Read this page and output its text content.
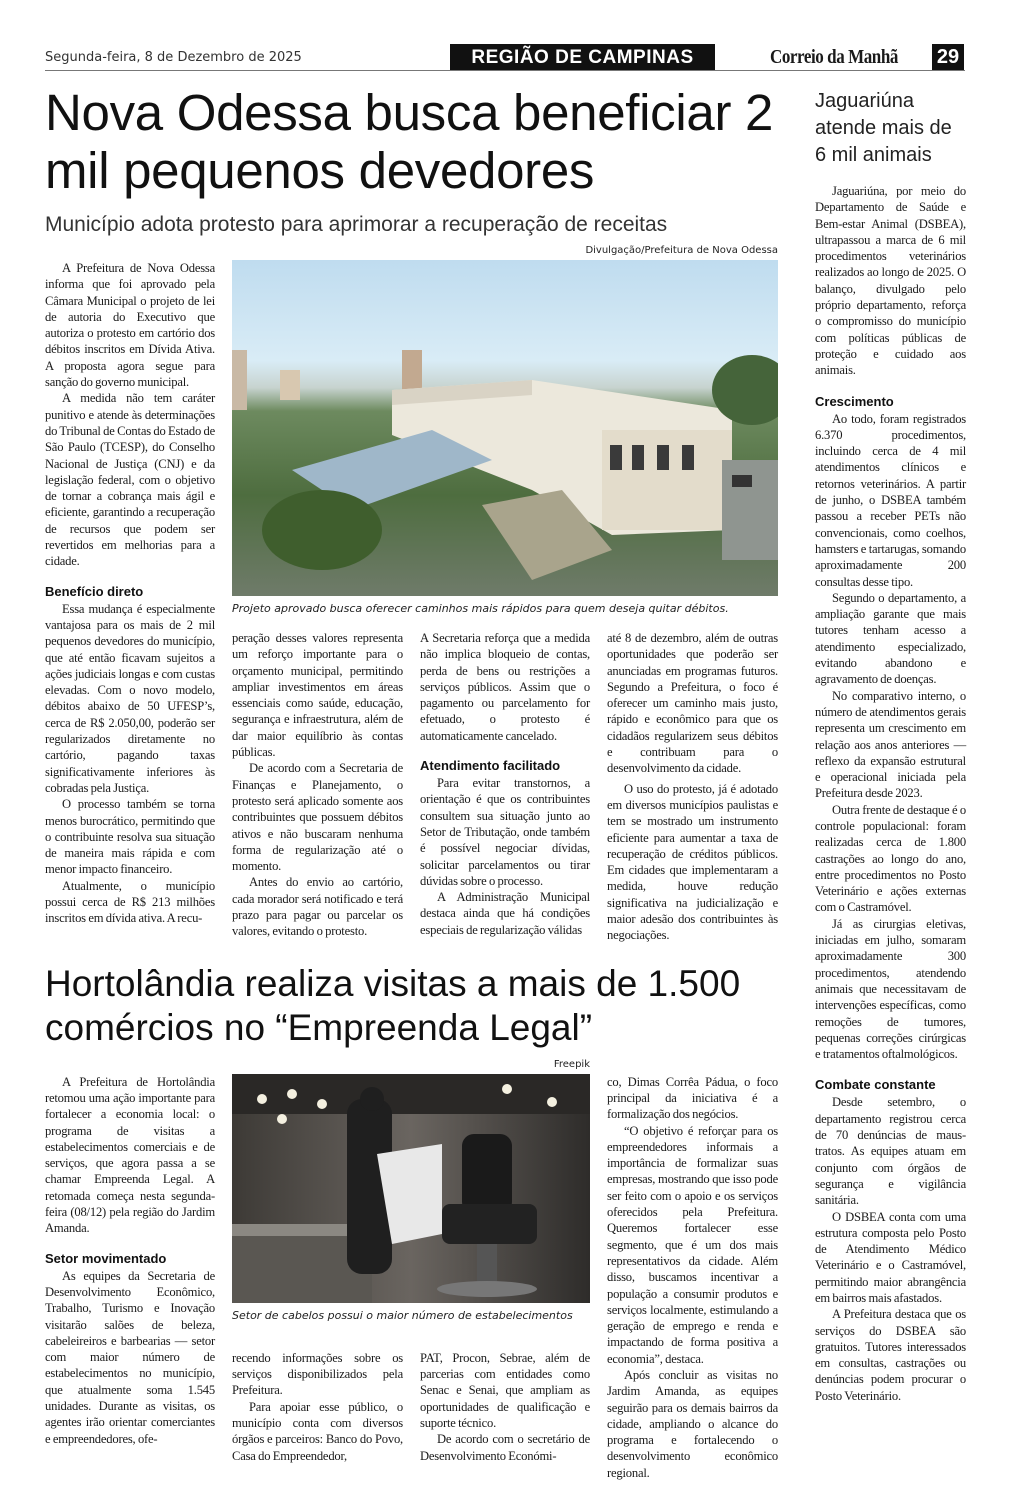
Segunda-feira, 8 de Dezembro de 2025	REGIÃO DE CAMPINAS	Correio da Manhã 29
Nova Odessa busca beneficiar 2 mil pequenos devedores
Município adota protesto para aprimorar a recuperação de receitas

A Prefeitura de Nova Odessa informa que foi aprovado pela Câmara Municipal o projeto de lei de autoria do Executivo que autoriza o protesto em cartório dos débitos inscritos em Dívida Ativa. A proposta agora segue para sanção do governo municipal.

A medida não tem caráter punitivo e atende às determinações do Tribunal de Contas do Estado de São Paulo (TCESP), do Conselho Nacional de Justiça (CNJ) e da legislação federal, com o objetivo de tornar a cobrança mais ágil e eficiente, garantindo a recuperação de recursos que podem ser revertidos em melhorias para a cidade.

Benefício direto

Essa mudança é especialmente vantajosa para os mais de 2 mil pequenos devedores do município, que até então ficavam sujeitos a ações judiciais longas e com custas elevadas. Com o novo modelo, débitos abaixo de 50 UFESP’s, cerca de R$ 2.050,00, poderão ser regularizados diretamente no cartório, pagando taxas significativamente inferiores às cobradas pela Justiça.

O processo também se torna menos burocrático, permitindo que o contribuinte resolva sua situação de maneira mais rápida e com menor impacto financeiro.

Atualmente, o município possui cerca de R$ 213 milhões inscritos em dívida ativa. A recu-

Divulgação/Prefeitura de Nova Odessa
Projeto aprovado busca oferecer caminhos mais rápidos para quem deseja quitar débitos.

peração desses valores representa um reforço importante para o orçamento municipal, permitindo ampliar investimentos em áreas essenciais como saúde, educação, segurança e infraestrutura, além de dar maior equilíbrio às contas públicas.

De acordo com a Secretaria de Finanças e Planejamento, o protesto será aplicado somente aos contribuintes que possuem débitos ativos e não buscaram nenhuma forma de regularização até o momento.

Antes do envio ao cartório, cada morador será notificado e terá prazo para pagar ou parcelar os valores, evitando o protesto.

A Secretaria reforça que a medida não implica bloqueio de contas, perda de bens ou restrições a serviços públicos. Assim que o pagamento ou parcelamento for efetuado, o protesto é automaticamente cancelado.

Atendimento facilitado

Para evitar transtornos, a orientação é que os contribuintes consultem sua situação junto ao Setor de Tributação, onde também é possível negociar dívidas, solicitar parcelamentos ou tirar dúvidas sobre o processo.

A Administração Municipal destaca ainda que há condições especiais de regularização válidas

até 8 de dezembro, além de outras oportunidades que poderão ser anunciadas em programas futuros. Segundo a Prefeitura, o foco é oferecer um caminho mais justo, rápido e econômico para que os cidadãos regularizem seus débitos e contribuam para o desenvolvimento da cidade.

O uso do protesto, já é adotado em diversos municípios paulistas e tem se mostrado um instrumento eficiente para aumentar a taxa de recuperação de créditos públicos. Em cidades que implementaram a medida, houve redução significativa na judicialização e maior adesão dos contribuintes às negociações.

Hortolândia realiza visitas a mais de 1.500 comércios no “Empreenda Legal”

A Prefeitura de Hortolândia retomou uma ação importante para fortalecer a economia local: o programa de visitas a estabelecimentos comerciais e de serviços, que agora passa a se chamar Empreenda Legal. A retomada começa nesta segunda-feira (08/12) pela região do Jardim Amanda.

Setor movimentado

As equipes da Secretaria de Desenvolvimento Econômico, Trabalho, Turismo e Inovação visitarão salões de beleza, cabeleireiros e barbearias — setor com maior número de estabelecimentos no município, que atualmente soma 1.545 unidades. Durante as visitas, os agentes irão orientar comerciantes e empreendedores, ofe-

Freepik
Setor de cabelos possui o maior número de estabelecimentos

recendo informações sobre os serviços disponibilizados pela Prefeitura.

Para apoiar esse público, o município conta com diversos órgãos e parceiros: Banco do Povo, Casa do Empreendedor,

PAT, Procon, Sebrae, além de parcerias com entidades como Senac e Senai, que ampliam as oportunidades de qualificação e suporte técnico.

De acordo com o secretário de Desenvolvimento Económi-

co, Dimas Corrêa Pádua, o foco principal da iniciativa é a formalização dos negócios.

“O objetivo é reforçar para os empreendedores informais a importância de formalizar suas empresas, mostrando que isso pode ser feito com o apoio e os serviços oferecidos pela Prefeitura. Queremos fortalecer esse segmento, que é um dos mais representativos da cidade. Além disso, buscamos incentivar a população a consumir produtos e serviços localmente, estimulando a geração de emprego e renda e impactando de forma positiva a economia”, destaca.

Após concluir as visitas no Jardim Amanda, as equipes seguirão para os demais bairros da cidade, ampliando o alcance do programa e fortalecendo o desenvolvimento econômico regional.

Jaguariúna atende mais de 6 mil animais

Jaguariúna, por meio do Departamento de Saúde e Bem-estar Animal (DSBEA), ultrapassou a marca de 6 mil procedimentos veterinários realizados ao longo de 2025. O balanço, divulgado pelo próprio departamento, reforça o compromisso do município com políticas públicas de proteção e cuidado aos animais.

Crescimento

Ao todo, foram registrados 6.370 procedimentos, incluindo cerca de 4 mil atendimentos clínicos e retornos veterinários. A partir de junho, o DSBEA também passou a receber PETs não convencionais, como coelhos, hamsters e tartarugas, somando aproximadamente 200 consultas desse tipo.

Segundo o departamento, a ampliação garante que mais tutores tenham acesso a atendimento especializado, evitando abandono e agravamento de doenças.

No comparativo interno, o número de atendimentos gerais representa um crescimento em relação aos anos anteriores — reflexo da expansão estrutural e operacional iniciada pela Prefeitura desde 2023.

Outra frente de destaque é o controle populacional: foram realizadas cerca de 1.800 castrações ao longo do ano, entre procedimentos no Posto Veterinário e ações externas com o Castramóvel.

Já as cirurgias eletivas, iniciadas em julho, somaram aproximadamente 300 procedimentos, atendendo animais que necessitavam de intervenções específicas, como remoções de tumores, pequenas correções cirúrgicas e tratamentos oftalmológicos.

Combate constante

Desde setembro, o departamento registrou cerca de 70 denúncias de maus-tratos. As equipes atuam em conjunto com órgãos de segurança e vigilância sanitária.

O DSBEA conta com uma estrutura composta pelo Posto de Atendimento Médico Veterinário e o Castramóvel, permitindo maior abrangência em bairros mais afastados.

A Prefeitura destaca que os serviços do DSBEA são gratuitos. Tutores interessados em consultas, castrações ou denúncias podem procurar o Posto Veterinário.
